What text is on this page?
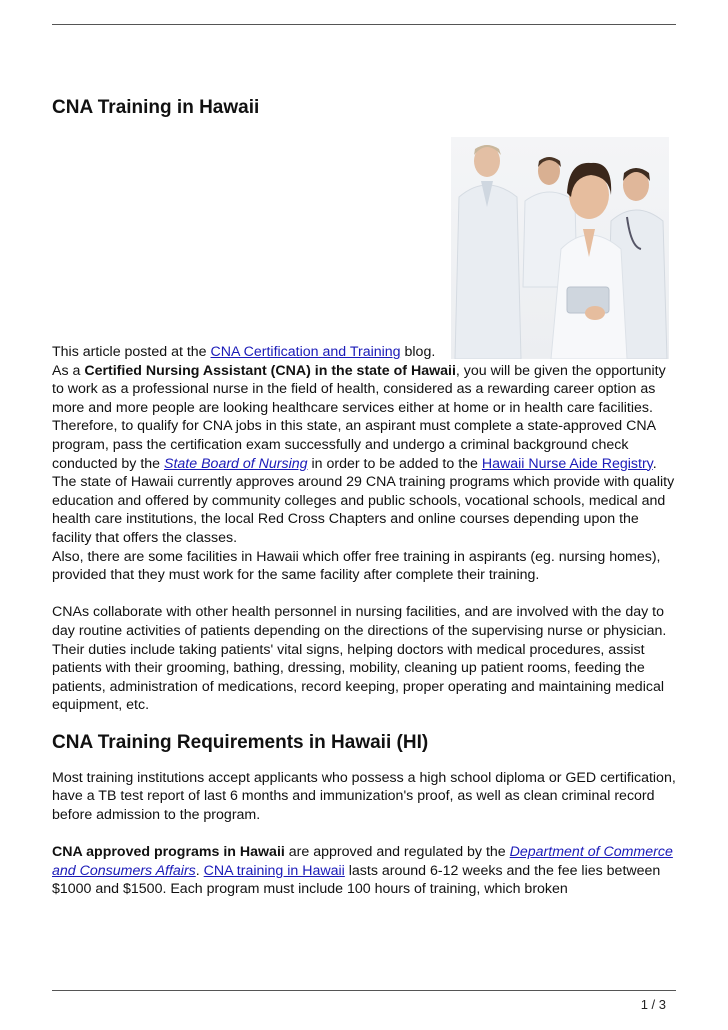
CNA Training in Hawaii

This article posted at the CNA Certification and Training blog.

As a Certified Nursing Assistant (CNA) in the state of Hawaii, you will be given the opportunity to work as a professional nurse in the field of health, considered as a rewarding career option as more and more people are looking healthcare services either at home or in health care facilities.

Therefore, to qualify for CNA jobs in this state, an aspirant must complete a state-approved CNA program, pass the certification exam successfully and undergo a criminal background check conducted by the State Board of Nursing in order to be added to the Hawaii Nurse Aide Registry.

The state of Hawaii currently approves around 29 CNA training programs which provide with quality education and offered by community colleges and public schools, vocational schools, medical and health care institutions, the local Red Cross Chapters and online courses depending upon the facility that offers the classes.

Also, there are some facilities in Hawaii which offer free training in aspirants (eg. nursing homes), provided that they must work for the same facility after complete their training.

CNAs collaborate with other health personnel in nursing facilities, and are involved with the day to day routine activities of patients depending on the directions of the supervising nurse or physician. Their duties include taking patients' vital signs, helping doctors with medical procedures, assist patients with their grooming, bathing, dressing, mobility, cleaning up patient rooms, feeding the patients, administration of medications, record keeping, proper operating and maintaining medical equipment, etc.

CNA Training Requirements in Hawaii (HI)

Most training institutions accept applicants who possess a high school diploma or GED certification, have a TB test report of last 6 months and immunization's proof, as well as clean criminal record before admission to the program.

CNA approved programs in Hawaii are approved and regulated by the Department of Commerce and Consumers Affairs. CNA training in Hawaii lasts around 6-12 weeks and the fee lies between $1000 and $1500. Each program must include 100 hours of training, which broken

1 / 3
